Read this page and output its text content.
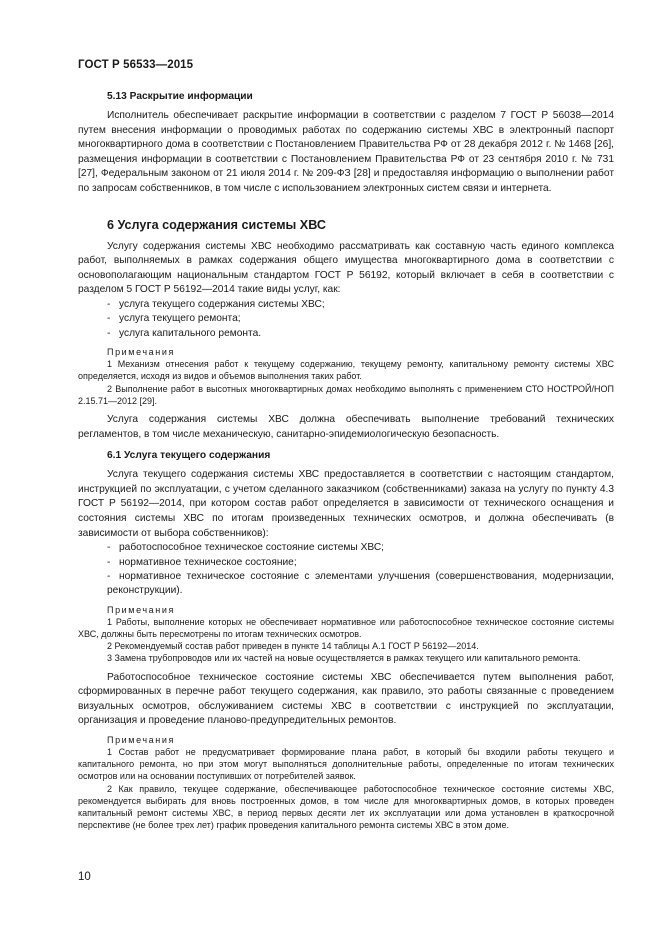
ГОСТ Р 56533—2015
5.13 Раскрытие информации

Исполнитель обеспечивает раскрытие информации в соответствии с разделом 7 ГОСТ Р 56038—2014 путем внесения информации о проводимых работах по содержанию системы ХВС в электронный паспорт многоквартирного дома в соответствии с Постановлением Правительства РФ от 28 декабря 2012 г. № 1468 [26], размещения информации в соответствии с Постановлением Правительства РФ от 23 сентября 2010 г. № 731 [27], Федеральным законом от 21 июля 2014 г. № 209-ФЗ [28] и предоставляя информацию о выполнении работ по запросам собственников, в том числе с использованием электронных систем связи и интернета.

6 Услуга содержания системы ХВС

Услугу содержания системы ХВС необходимо рассматривать как составную часть единого комплекса работ, выполняемых в рамках содержания общего имущества многоквартирного дома в соответствии с основополагающим национальным стандартом ГОСТ Р 56192, который включает в себя в соответствии с разделом 5 ГОСТ Р 56192—2014 такие виды услуг, как:

- услуга текущего содержания системы ХВС;
- услуга текущего ремонта;
- услуга капитального ремонта.
Примечания

1 Механизм отнесения работ к текущему содержанию, текущему ремонту, капитальному ремонту системы ХВС определяется, исходя из видов и объемов выполнения таких работ.

2 Выполнение работ в высотных многоквартирных домах необходимо выполнять с применением СТО НОСТРОЙ/НОП 2.15.71—2012 [29].

Услуга содержания системы ХВС должна обеспечивать выполнение требований технических регламентов, в том числе механическую, санитарно-эпидемиологическую безопасность.

6.1 Услуга текущего содержания

Услуга текущего содержания системы ХВС предоставляется в соответствии с настоящим стандартом, инструкцией по эксплуатации, с учетом сделанного заказчиком (собственниками) заказа на услугу по пункту 4.3 ГОСТ Р 56192—2014, при котором состав работ определяется в зависимости от технического оснащения и состояния системы ХВС по итогам произведенных технических осмотров, и должна обеспечивать (в зависимости от выбора собственников):

- работоспособное техническое состояние системы ХВС;
- нормативное техническое состояние;
- нормативное техническое состояние с элементами улучшения (совершенствования, модернизации, реконструкции).
Примечания

1 Работы, выполнение которых не обеспечивает нормативное или работоспособное техническое состояние системы ХВС, должны быть пересмотрены по итогам технических осмотров.

2 Рекомендуемый состав работ приведен в пункте 14 таблицы А.1 ГОСТ Р 56192—2014.

3 Замена трубопроводов или их частей на новые осуществляется в рамках текущего или капитального ремонта.

Работоспособное техническое состояние системы ХВС обеспечивается путем выполнения работ, сформированных в перечне работ текущего содержания, как правило, это работы связанные с проведением визуальных осмотров, обслуживанием системы ХВС в соответствии с инструкцией по эксплуатации, организация и проведение планово-предупредительных ремонтов.

Примечания

1 Состав работ не предусматривает формирование плана работ, в который бы входили работы текущего и капитального ремонта, но при этом могут выполняться дополнительные работы, определенные по итогам технических осмотров или на основании поступивших от потребителей заявок.

2 Как правило, текущее содержание, обеспечивающее работоспособное техническое состояние системы ХВС, рекомендуется выбирать для вновь построенных домов, в том числе для многоквартирных домов, в которых проведен капитальный ремонт системы ХВС, в период первых десяти лет их эксплуатации или дома установлен в краткосрочной перспективе (не более трех лет) график проведения капитального ремонта системы ХВС в этом доме.

10
